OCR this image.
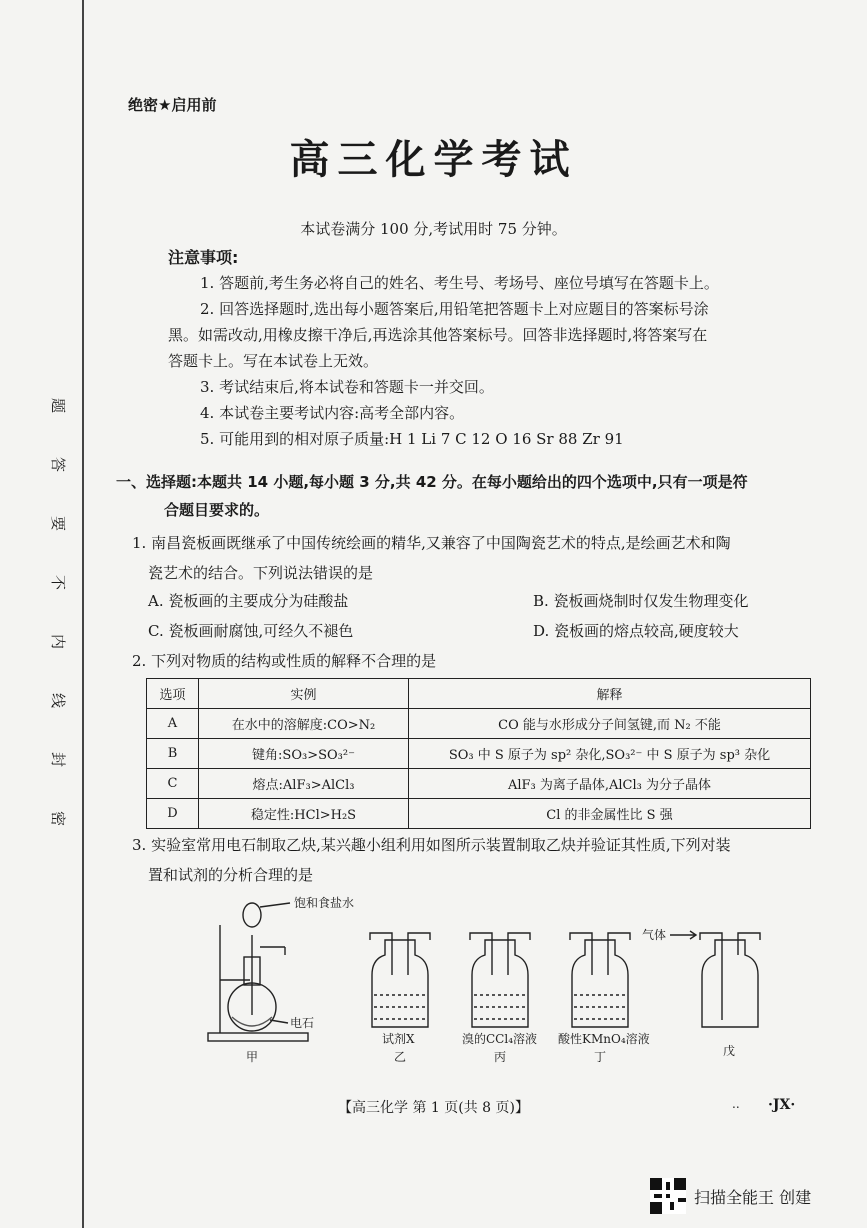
题
答
要
不
内
线
封
密
绝密★启用前
高三化学考试
本试卷满分 100 分,考试用时 75 分钟。
注意事项:

1. 答题前,考生务必将自己的姓名、考生号、考场号、座位号填写在答题卡上。

2. 回答选择题时,选出每小题答案后,用铅笔把答题卡上对应题目的答案标号涂

黑。如需改动,用橡皮擦干净后,再选涂其他答案标号。回答非选择题时,将答案写在

答题卡上。写在本试卷上无效。

3. 考试结束后,将本试卷和答题卡一并交回。

4. 本试卷主要考试内容:高考全部内容。

5. 可能用到的相对原子质量:H 1 Li 7 C 12 O 16 Sr 88 Zr 91

一、选择题:本题共 14 小题,每小题 3 分,共 42 分。在每小题给出的四个选项中,只有一项是符
合题目要求的。

1. 南昌瓷板画既继承了中国传统绘画的精华,又兼容了中国陶瓷艺术的特点,是绘画艺术和陶

瓷艺术的结合。下列说法错误的是

A. 瓷板画的主要成分为硅酸盐	B. 瓷板画烧制时仅发生物理变化
C. 瓷板画耐腐蚀,可经久不褪色	D. 瓷板画的熔点较高,硬度较大
2. 下列对物质的结构或性质的解释不合理的是
选项	实例	解释
A	在水中的溶解度:CO>N₂	CO 能与水形成分子间氢键,而 N₂ 不能
B	键角:SO₃>SO₃²⁻	SO₃ 中 S 原子为 sp² 杂化,SO₃²⁻ 中 S 原子为 sp³ 杂化
C	熔点:AlF₃>AlCl₃	AlF₃ 为离子晶体,AlCl₃ 为分子晶体
D	稳定性:HCl>H₂S	Cl 的非金属性比 S 强

3. 实验室常用电石制取乙炔,某兴趣小组利用如图所示装置制取乙炔并验证其性质,下列对装

置和试剂的分析合理的是

饱和食盐水
电石
气体
试剂X	溴的CCl₄溶液 酸性KMnO₄溶液
甲	乙	丙	丁	戊
【高三化学 第 1 页(共 8 页)】	.. ·JX·
扫描全能王 创建
